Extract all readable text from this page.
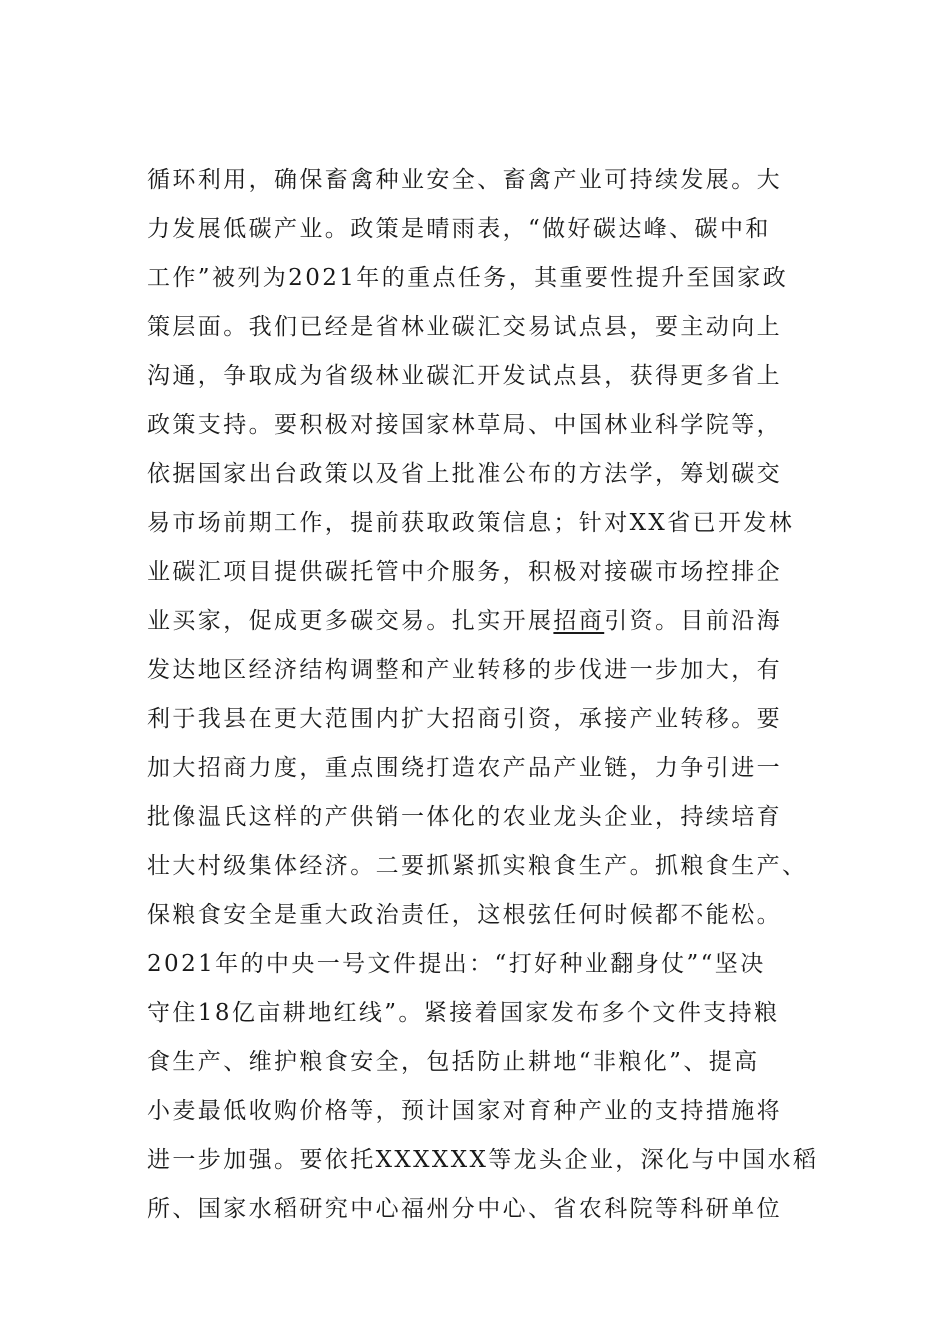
循环利用，确保畜禽种业安全、畜禽产业可持续发展。大
力发展低碳产业。政策是晴雨表，“做好碳达峰、碳中和
工作”被列为2021年的重点任务，其重要性提升至国家政
策层面。我们已经是省林业碳汇交易试点县，要主动向上
沟通，争取成为省级林业碳汇开发试点县，获得更多省上
政策支持。要积极对接国家林草局、中国林业科学院等，
依据国家出台政策以及省上批准公布的方法学，筹划碳交
易市场前期工作，提前获取政策信息；针对XX省已开发林
业碳汇项目提供碳托管中介服务，积极对接碳市场控排企
业买家，促成更多碳交易。扎实开展招商引资。目前沿海
发达地区经济结构调整和产业转移的步伐进一步加大，有
利于我县在更大范围内扩大招商引资，承接产业转移。要
加大招商力度，重点围绕打造农产品产业链，力争引进一
批像温氏这样的产供销一体化的农业龙头企业，持续培育
壮大村级集体经济。二要抓紧抓实粮食生产。抓粮食生产、
保粮食安全是重大政治责任，这根弦任何时候都不能松。
2021年的中央一号文件提出：“打好种业翻身仗”“坚决
守住18亿亩耕地红线”。紧接着国家发布多个文件支持粮
食生产、维护粮食安全，包括防止耕地“非粮化”、提高
小麦最低收购价格等，预计国家对育种产业的支持措施将
进一步加强。要依托XXXXXX等龙头企业，深化与中国水稻
所、国家水稻研究中心福州分中心、省农科院等科研单位
